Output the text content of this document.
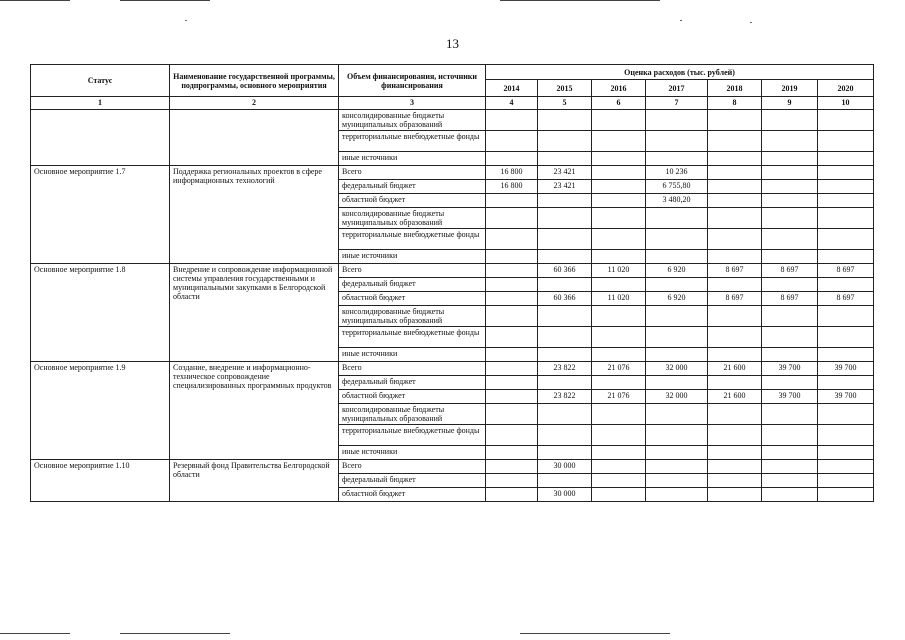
13
Статус	Наименование государственной программы, подпрограммы, основного мероприятия	Объем финансирования, источники финансирования	Оценка расходов (тыс. рублей)						
			2014	2015	2016	2017	2018	2019	2020
1	2	3	4	5	6	7	8	9	10
		консолидированные бюджеты муниципальных образований							
		территориальные внебюджетные фонды							
		иные источники							
Основное мероприятие 1.7	Поддержка региональных проектов в сфере информационных технологий	Всего	16 800	23 421		10 236			
		федеральный бюджет	16 800	23 421		6 755,80			
		областной бюджет				3 480,20			
		консолидированные бюджеты муниципальных образований							
		территориальные внебюджетные фонды							
		иные источники							
Основное мероприятие 1.8	Внедрение и сопровождение информационной системы управления государственными и муниципальными закупками в Белгородской области	Всего		60 366	11 020	6 920	8 697	8 697	8 697
		федеральный бюджет							
		областной бюджет		60 366	11 020	6 920	8 697	8 697	8 697
		консолидированные бюджеты муниципальных образований							
		территориальные внебюджетные фонды							
		иные источники							
Основное мероприятие 1.9	Создание, внедрение и информационно-техническое сопровождение специализированных программных продуктов	Всего		23 822	21 076	32 000	21 600	39 700	39 700
		федеральный бюджет							
		областной бюджет		23 822	21 076	32 000	21 600	39 700	39 700
		консолидированные бюджеты муниципальных образований							
		территориальные внебюджетные фонды							
		иные источники							
Основное мероприятие 1.10	Резервный фонд Правительства Белгородской области	Всего		30 000					
		федеральный бюджет							
		областной бюджет		30 000					
